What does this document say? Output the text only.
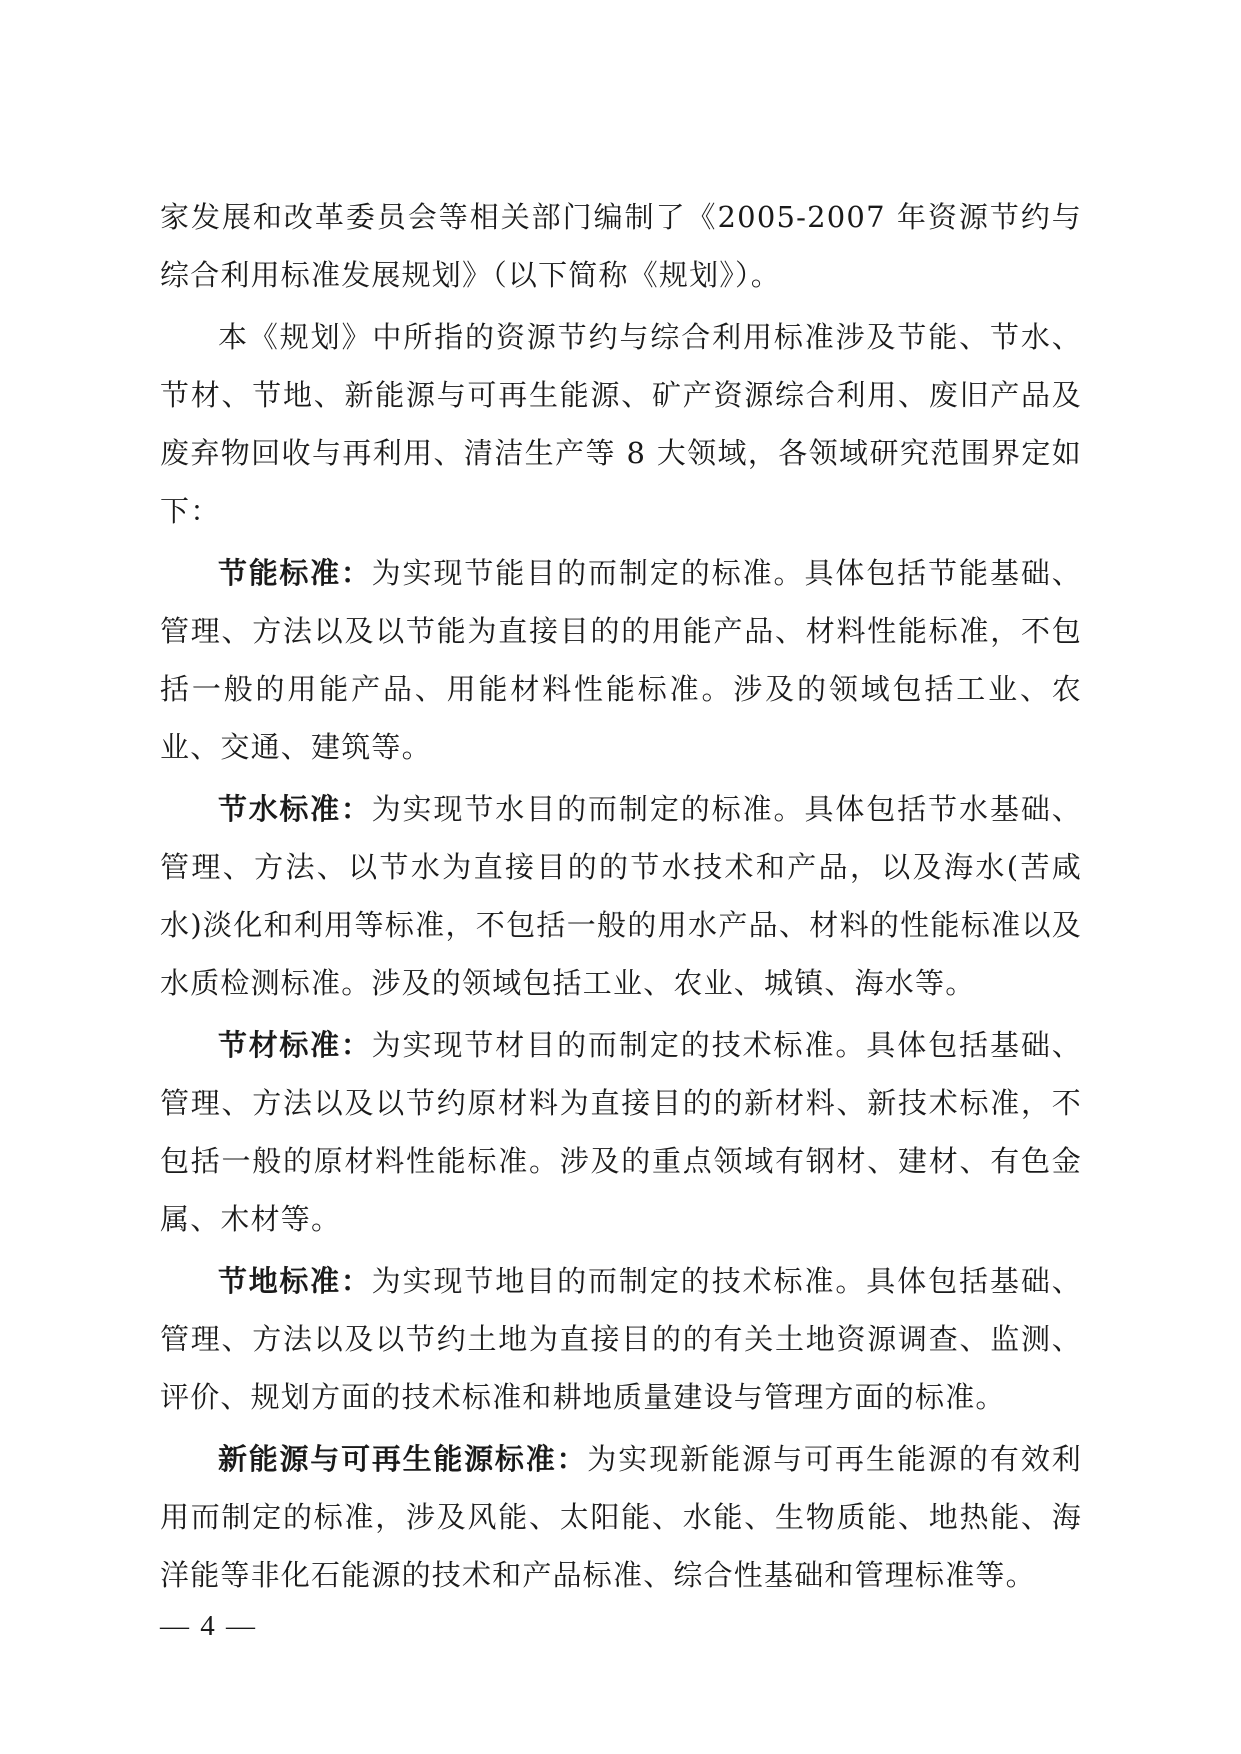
家发展和改革委员会等相关部门编制了《2005-2007 年资源节约与综合利用标准发展规划》（以下简称《规划》）。

本《规划》中所指的资源节约与综合利用标准涉及节能、节水、节材、节地、新能源与可再生能源、矿产资源综合利用、废旧产品及废弃物回收与再利用、清洁生产等 8 大领域，各领域研究范围界定如下：

节能标准：为实现节能目的而制定的标准。具体包括节能基础、管理、方法以及以节能为直接目的的用能产品、材料性能标准，不包括一般的用能产品、用能材料性能标准。涉及的领域包括工业、农业、交通、建筑等。

节水标准：为实现节水目的而制定的标准。具体包括节水基础、管理、方法、以节水为直接目的的节水技术和产品，以及海水(苦咸水)淡化和利用等标准，不包括一般的用水产品、材料的性能标准以及水质检测标准。涉及的领域包括工业、农业、城镇、海水等。

节材标准：为实现节材目的而制定的技术标准。具体包括基础、管理、方法以及以节约原材料为直接目的的新材料、新技术标准，不包括一般的原材料性能标准。涉及的重点领域有钢材、建材、有色金属、木材等。

节地标准：为实现节地目的而制定的技术标准。具体包括基础、管理、方法以及以节约土地为直接目的的有关土地资源调查、监测、评价、规划方面的技术标准和耕地质量建设与管理方面的标准。

新能源与可再生能源标准：为实现新能源与可再生能源的有效利用而制定的标准，涉及风能、太阳能、水能、生物质能、地热能、海洋能等非化石能源的技术和产品标准、综合性基础和管理标准等。

— 4 —
